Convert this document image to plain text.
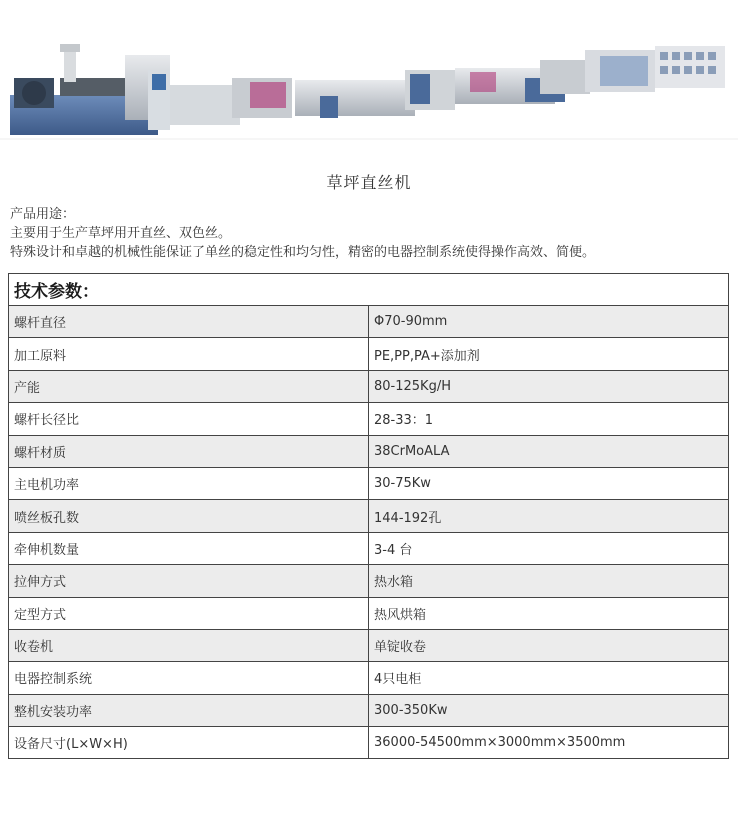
草坪直丝机
产品用途：
主要用于生产草坪用开直丝、双色丝。
特殊设计和卓越的机械性能保证了单丝的稳定性和均匀性，精密的电器控制系统使得操作高效、简便。
技术参数：	
螺杆直径	Φ70-90mm
加工原料	PE,PP,PA+添加剂
产能	80-125Kg/H
螺杆长径比	28-33：1
螺杆材质	38CrMoALA
主电机功率	30-75Kw
喷丝板孔数	144-192孔
牵伸机数量	3-4 台
拉伸方式	热水箱
定型方式	热风烘箱
收卷机	单锭收卷
电器控制系统	4只电柜
整机安装功率	300-350Kw
设备尺寸(L×W×H)	36000-54500mm×3000mm×3500mm
